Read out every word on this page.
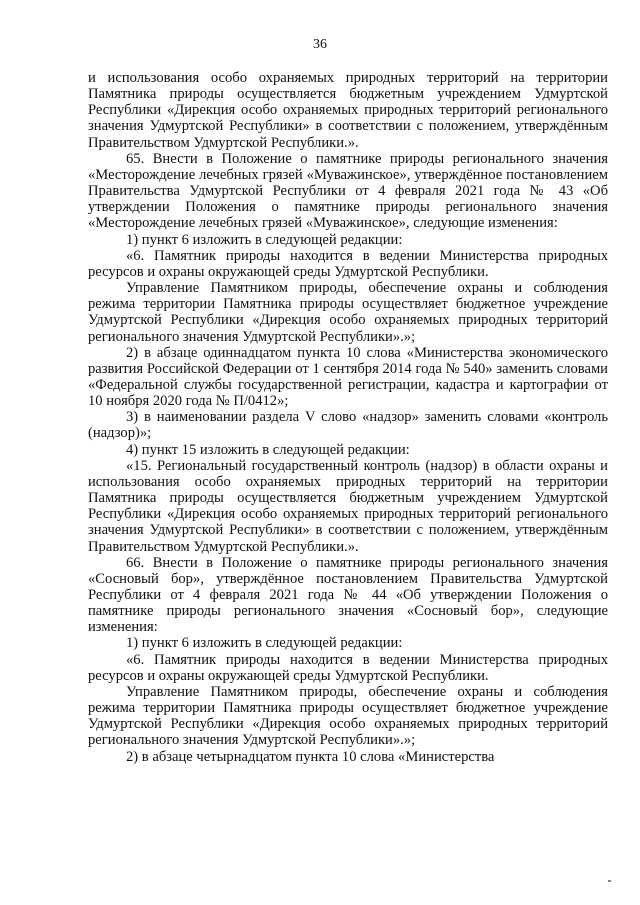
36

и использования особо охраняемых природных территорий на территории Памятника природы осуществляется бюджетным учреждением Удмуртской Республики «Дирекция особо охраняемых природных территорий регионального значения Удмуртской Республики» в соответствии с положением, утверждённым Правительством Удмуртской Республики.».

65. Внести в Положение о памятнике природы регионального значения «Месторождение лечебных грязей «Муважинское», утверждённое постановлением Правительства Удмуртской Республики от 4 февраля 2021 года № 43 «Об утверждении Положения о памятнике природы регионального значения «Месторождение лечебных грязей «Муважинское», следующие изменения:

1) пункт 6 изложить в следующей редакции:

«6. Памятник природы находится в ведении Министерства природных ресурсов и охраны окружающей среды Удмуртской Республики.

Управление Памятником природы, обеспечение охраны и соблюдения режима территории Памятника природы осуществляет бюджетное учреждение Удмуртской Республики «Дирекция особо охраняемых природных территорий регионального значения Удмуртской Республики».»;

2) в абзаце одиннадцатом пункта 10 слова «Министерства экономического развития Российской Федерации от 1 сентября 2014 года № 540» заменить словами «Федеральной службы государственной регистрации, кадастра и картографии от 10 ноября 2020 года № П/0412»;

3) в наименовании раздела V слово «надзор» заменить словами «контроль (надзор)»;

4) пункт 15 изложить в следующей редакции:

«15. Региональный государственный контроль (надзор) в области охраны и использования особо охраняемых природных территорий на территории Памятника природы осуществляется бюджетным учреждением Удмуртской Республики «Дирекция особо охраняемых природных территорий регионального значения Удмуртской Республики» в соответствии с положением, утверждённым Правительством Удмуртской Республики.».

66. Внести в Положение о памятнике природы регионального значения «Сосновый бор», утверждённое постановлением Правительства Удмуртской Республики от 4 февраля 2021 года № 44 «Об утверждении Положения о памятнике природы регионального значения «Сосновый бор», следующие изменения:

1) пункт 6 изложить в следующей редакции:

«6. Памятник природы находится в ведении Министерства природных ресурсов и охраны окружающей среды Удмуртской Республики.

Управление Памятником природы, обеспечение охраны и соблюдения режима территории Памятника природы осуществляет бюджетное учреждение Удмуртской Республики «Дирекция особо охраняемых природных территорий регионального значения Удмуртской Республики».»;

2) в абзаце четырнадцатом пункта 10 слова «Министерства
